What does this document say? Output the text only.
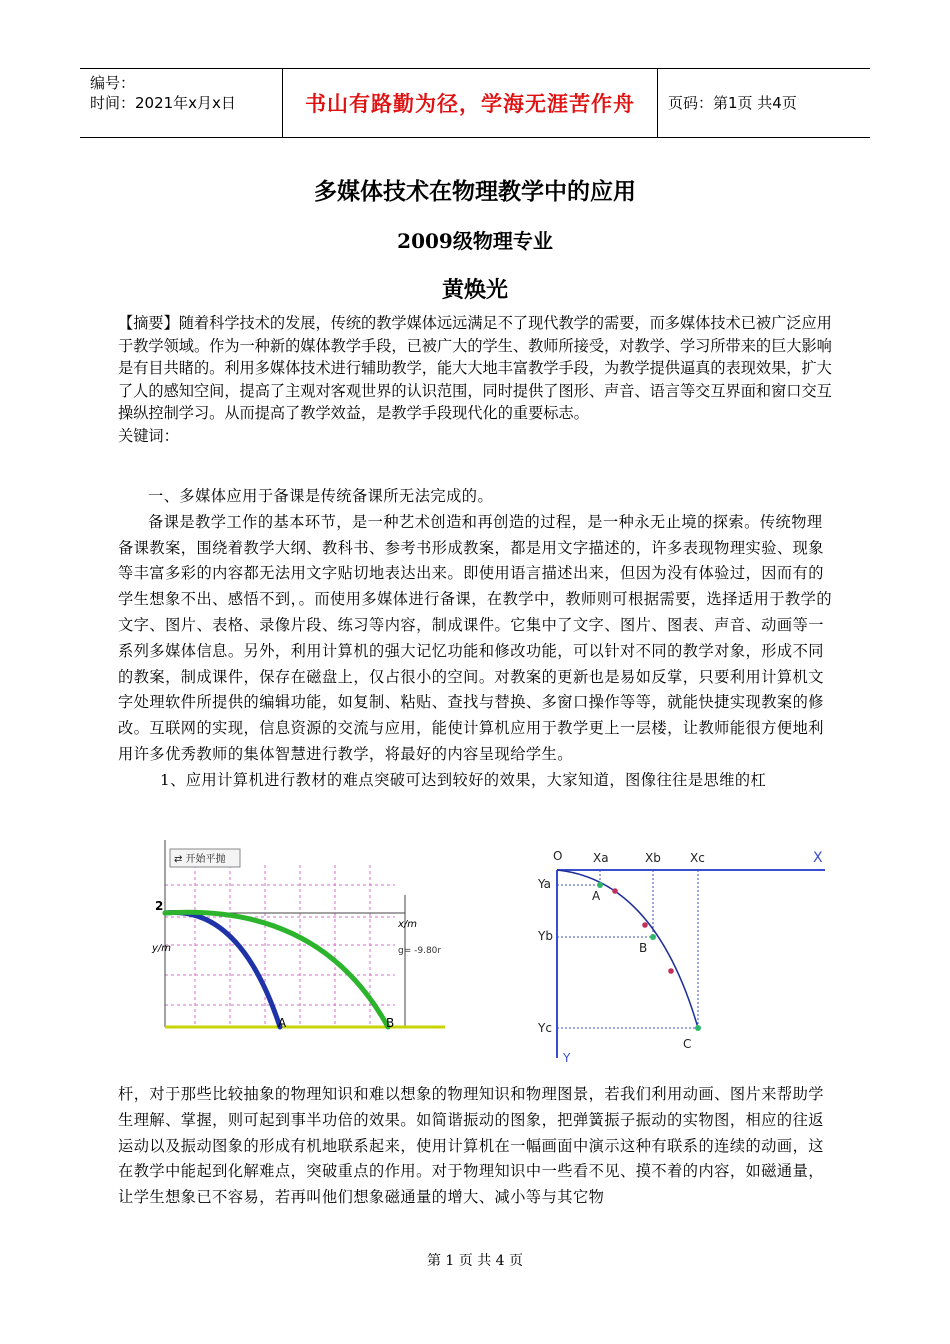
编号：
时间：2021年x月x日	书山有路勤为径，学海无涯苦作舟	页码：第1页 共4页
多媒体技术在物理教学中的应用
2009级物理专业
黄焕光

【摘要】随着科学技术的发展，传统的教学媒体远远满足不了现代教学的需要，而多媒体技术已被广泛应用于教学领域。作为一种新的媒体教学手段，已被广大的学生、教师所接受，对教学、学习所带来的巨大影响是有目共睹的。利用多媒体技术进行辅助教学，能大大地丰富教学手段，为教学提供逼真的表现效果，扩大了人的感知空间，提高了主观对客观世界的认识范围，同时提供了图形、声音、语言等交互界面和窗口交互操纵控制学习。从而提高了教学效益，是教学手段现代化的重要标志。

关键词：

一、多媒体应用于备课是传统备课所无法完成的。

备课是教学工作的基本环节，是一种艺术创造和再创造的过程，是一种永无止境的探索。传统物理备课教案，围绕着教学大纲、教科书、参考书形成教案，都是用文字描述的，许多表现物理实验、现象等丰富多彩的内容都无法用文字贴切地表达出来。即使用语言描述出来，但因为没有体验过，因而有的学生想象不出、感悟不到，。而使用多媒体进行备课，在教学中，教师则可根据需要，选择适用于教学的文字、图片、表格、录像片段、练习等内容，制成课件。它集中了文字、图片、图表、声音、动画等一系列多媒体信息。另外，利用计算机的强大记忆功能和修改功能，可以针对不同的教学对象，形成不同的教案，制成课件，保存在磁盘上，仅占很小的空间。对教案的更新也是易如反掌，只要利用计算机文字处理软件所提供的编辑功能，如复制、粘贴、查找与替换、多窗口操作等等，就能快捷实现教案的修改。互联网的实现，信息资源的交流与应用，能使计算机应用于教学更上一层楼，让教师能很方便地利用许多优秀教师的集体智慧进行教学，将最好的内容呈现给学生。

1、应用计算机进行教材的难点突破可达到较好的效果，大家知道，图像往往是思维的杠

⇄ 开始平抛
2
x/m
y/m	g= -9.80r
A	B
O	X
Y
Xa	Xb Xc
Ya
Yb
Yc
A
B
C

杆，对于那些比较抽象的物理知识和难以想象的物理知识和物理图景，若我们利用动画、图片来帮助学生理解、掌握，则可起到事半功倍的效果。如简谐振动的图象，把弹簧振子振动的实物图，相应的往返运动以及振动图象的形成有机地联系起来，使用计算机在一幅画面中演示这种有联系的连续的动画，这在教学中能起到化解难点，突破重点的作用。对于物理知识中一些看不见、摸不着的内容，如磁通量，让学生想象已不容易，若再叫他们想象磁通量的增大、减小等与其它物

第 1 页 共 4 页
